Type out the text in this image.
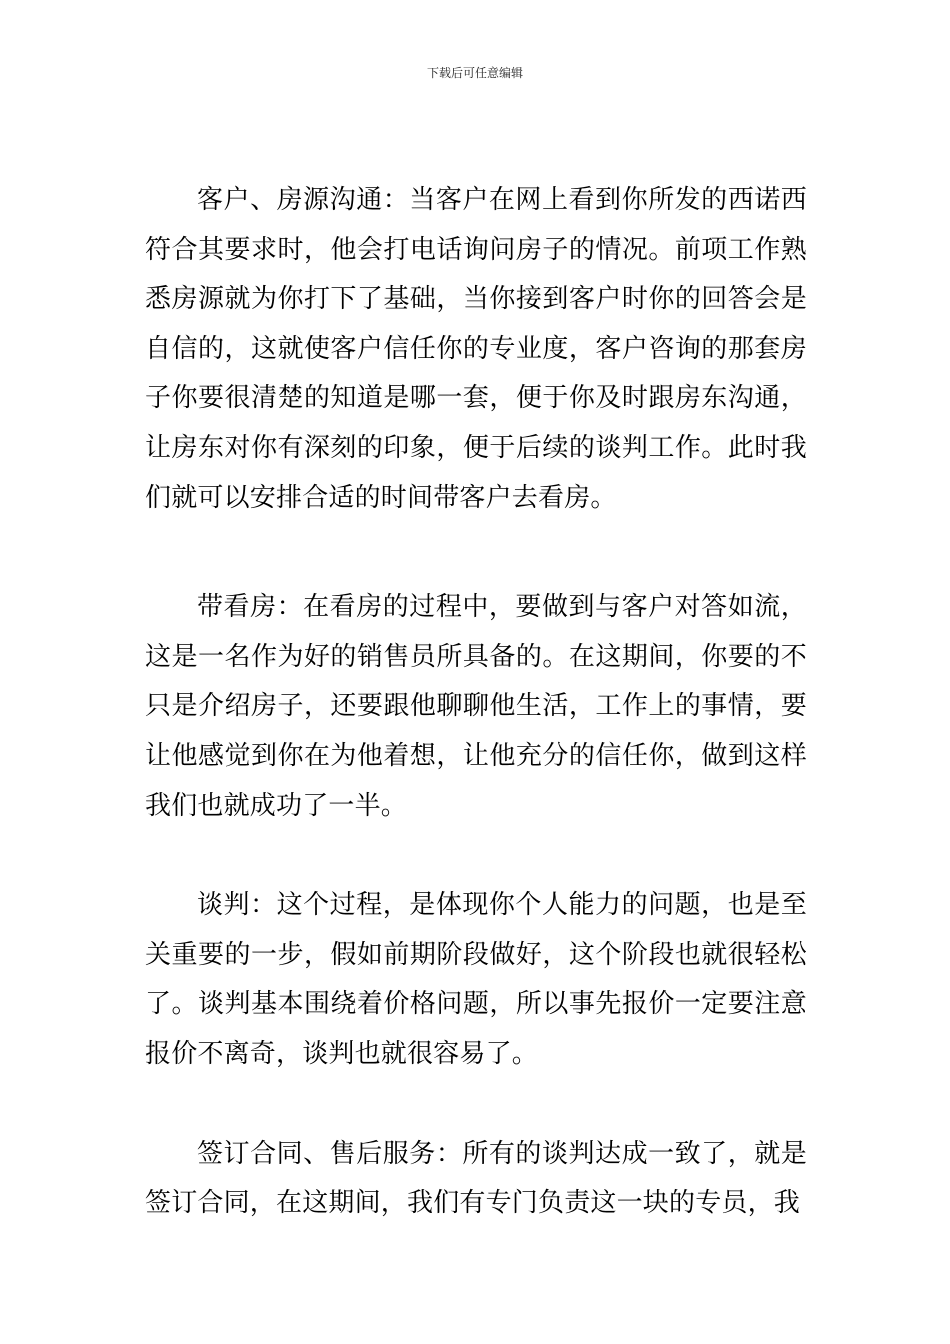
下载后可任意编辑

客户、房源沟通：当客户在网上看到你所发的西诺西符合其要求时，他会打电话询问房子的情况。前项工作熟悉房源就为你打下了基础，当你接到客户时你的回答会是自信的，这就使客户信任你的专业度，客户咨询的那套房子你要很清楚的知道是哪一套，便于你及时跟房东沟通，让房东对你有深刻的印象，便于后续的谈判工作。此时我们就可以安排合适的时间带客户去看房。

带看房：在看房的过程中，要做到与客户对答如流，这是一名作为好的销售员所具备的。在这期间，你要的不只是介绍房子，还要跟他聊聊他生活，工作上的事情，要让他感觉到你在为他着想，让他充分的信任你，做到这样我们也就成功了一半。

谈判：这个过程，是体现你个人能力的问题，也是至关重要的一步，假如前期阶段做好，这个阶段也就很轻松了。谈判基本围绕着价格问题，所以事先报价一定要注意报价不离奇，谈判也就很容易了。

签订合同、售后服务：所有的谈判达成一致了，就是签订合同，在这期间，我们有专门负责这一块的专员，我
